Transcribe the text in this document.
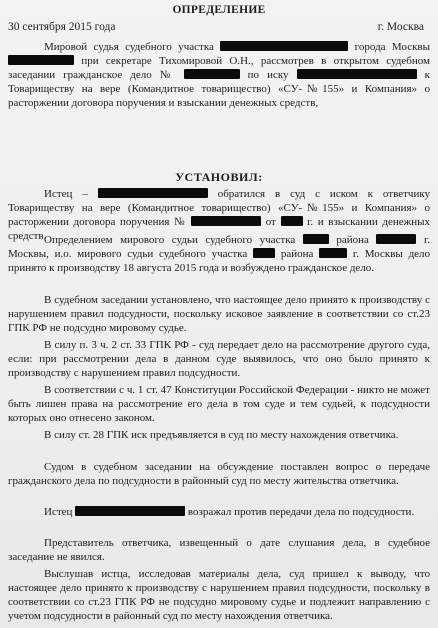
ОПРЕДЕЛЕНИЕ
30 сентября 2015 года	г. Москва
Мировой судья судебного участка	города Москвы  при секретаре Тихомировой О.Н., рассмотрев в открытом судебном заседании гражданское дело №	по иску	к Товариществу на вере (Командитное товарищество) «СУ-№155» и Компания» о расторжении договора поручения и взыскании денежных средств,
УСТАНОВИЛ:
Истец –	обратился в суд с иском к ответчику Товариществу на вере (Командитное товарищество) «СУ-№155» и Компания» о расторжении договора поручения №	от	г. и взыскании денежных средств.
Определением мирового судьи судебного участка	района	г. Москвы, и.о. мирового судьи судебного участка	района	г. Москвы дело принято к производству 18 августа 2015 года и возбуждено гражданское дело.
В судебном заседании установлено, что настоящее дело принято к производству с нарушением правил подсудности, поскольку исковое заявление в соответствии со ст.23 ГПК РФ не подсудно мировому судье.
В силу п. 3 ч. 2 ст. 33 ГПК РФ - суд передает дело на рассмотрение другого суда, если: при рассмотрении дела в данном суде выявилось, что оно было принято к производству с нарушением правил подсудности.
В соответствии с ч. 1 ст. 47 Конституции Российской Федерации - никто не может быть лишен права на рассмотрение его дела в том суде и тем судьей, к подсудности которых оно отнесено законом.
В силу ст. 28 ГПК иск предъявляется в суд по месту нахождения ответчика.
Судом в судебном заседании на обсуждение поставлен вопрос о передаче гражданского дела по подсудности в районный суд по месту жительства ответчика.
Истец	возражал против передачи дела по подсудности.
Представитель ответчика, извещенный о дате слушания дела, в судебное заседание не явился.
Выслушав истца, исследовав материалы дела, суд пришел к выводу, что настоящее дело принято к производству с нарушением правил подсудности, поскольку в соответствии со ст.23 ГПК РФ не подсудно мировому судье и подлежит направлению с учетом подсудности в районный суд по месту нахождения ответчика.
